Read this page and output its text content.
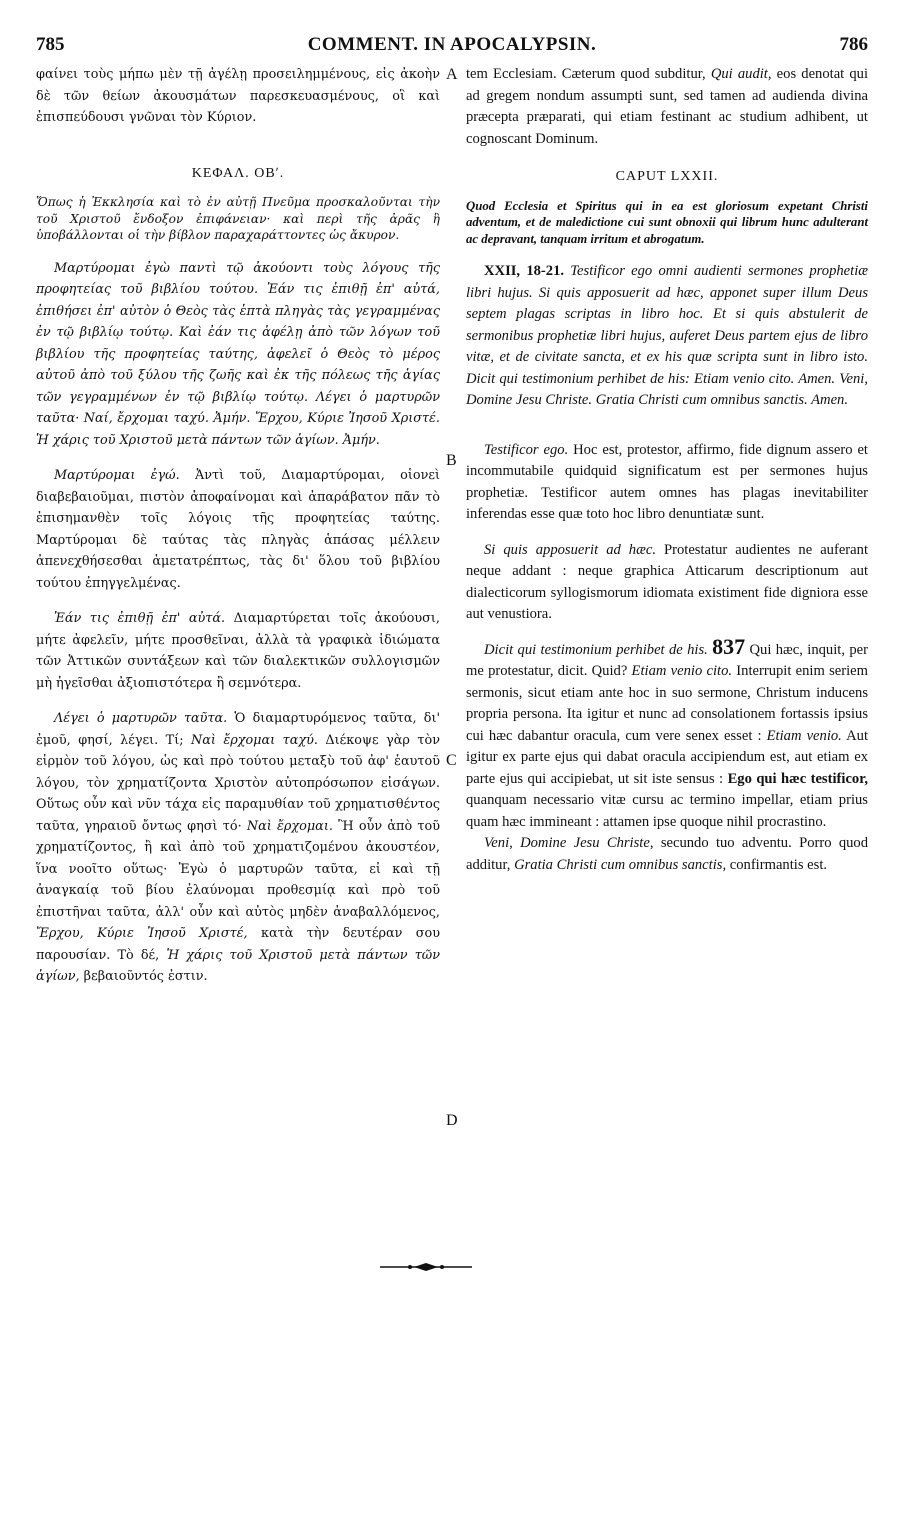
785	COMMENT. IN APOCALYPSIN.	786

φαίνει τοὺς μήπω μὲν τῇ ἀγέλῃ προσειλημμένους, εἰς ἀκοὴν δὲ τῶν θείων ἀκουσμάτων παρεσκευασμένους, οἳ καὶ ἐπισπεύδουσι γνῶναι τὸν Κύριον.

ΚΕΦΑΛ. ΟΒʹ.

Ὅπως ἡ Ἐκκλησία καὶ τὸ ἐν αὐτῇ Πνεῦμα προσκαλοῦνται τὴν τοῦ Χριστοῦ ἔνδοξον ἐπιφάνειαν· καὶ περὶ τῆς ἀρᾶς ἣ ὑποβάλλονται οἱ τὴν βίβλον παραχαράττοντες ὡς ἄκυρον.

Μαρτύρομαι ἐγὼ παντὶ τῷ ἀκούοντι τοὺς λόγους τῆς προφητείας τοῦ βιβλίου τούτου. Ἐάν τις ἐπιθῇ ἐπ' αὐτά, ἐπιθήσει ἐπ' αὐτὸν ὁ Θεὸς τὰς ἑπτὰ πληγὰς τὰς γεγραμμένας ἐν τῷ βιβλίῳ τούτῳ. Καὶ ἐάν τις ἀφέλῃ ἀπὸ τῶν λόγων τοῦ βιβλίου τῆς προφητείας ταύτης, ἀφελεῖ ὁ Θεὸς τὸ μέρος αὐτοῦ ἀπὸ τοῦ ξύλου τῆς ζωῆς καὶ ἐκ τῆς πόλεως τῆς ἁγίας τῶν γεγραμμένων ἐν τῷ βιβλίῳ τούτῳ. Λέγει ὁ μαρτυρῶν ταῦτα· Ναί, ἔρχομαι ταχύ. Ἀμήν. Ἔρχου, Κύριε Ἰησοῦ Χριστέ. Ἡ χάρις τοῦ Χριστοῦ μετὰ πάντων τῶν ἁγίων. Ἀμήν.

Μαρτύρομαι ἐγώ. Ἀντὶ τοῦ, Διαμαρτύρομαι, οἱονεὶ διαβεβαιοῦμαι, πιστὸν ἀποφαίνομαι καὶ ἀπαράβατον πᾶν τὸ ἐπισημανθὲν τοῖς λόγοις τῆς προφητείας ταύτης. Μαρτύρομαι δὲ ταύτας τὰς πληγὰς ἁπάσας μέλλειν ἀπενεχθήσεσθαι ἀμετατρέπτως, τὰς δι' ὅλου τοῦ βιβλίου τούτου ἐπηγγελμένας.

Ἐάν τις ἐπιθῇ ἐπ' αὐτά. Διαμαρτύρεται τοῖς ἀκούουσι, μήτε ἀφελεῖν, μήτε προσθεῖναι, ἀλλὰ τὰ γραφικὰ ἰδιώματα τῶν Ἀττικῶν συντάξεων καὶ τῶν διαλεκτικῶν συλλογισμῶν μὴ ἡγεῖσθαι ἀξιοπιστότερα ἢ σεμνότερα.

Λέγει ὁ μαρτυρῶν ταῦτα. Ὁ διαμαρτυρόμενος ταῦτα, δι' ἐμοῦ, φησί, λέγει. Τί; Ναὶ ἔρχομαι ταχύ. Διέκοψε γὰρ τὸν εἱρμὸν τοῦ λόγου, ὡς καὶ πρὸ τούτου μεταξὺ τοῦ ἀφ' ἑαυτοῦ λόγου, τὸν χρηματίζοντα Χριστὸν αὐτοπρόσωπον εἰσάγων. Οὕτως οὖν καὶ νῦν τάχα εἰς παραμυθίαν τοῦ χρηματισθέντος ταῦτα, γηραιοῦ ὄντως φησὶ τό· Ναὶ ἔρχομαι. Ἢ οὖν ἀπὸ τοῦ χρηματίζοντος, ἢ καὶ ἀπὸ τοῦ χρηματιζομένου ἀκουστέον, ἵνα νοοῖτο οὕτως· Ἐγὼ ὁ μαρτυρῶν ταῦτα, εἰ καὶ τῇ ἀναγκαίᾳ τοῦ βίου ἐλαύνομαι προθεσμίᾳ καὶ πρὸ τοῦ ἐπιστῆναι ταῦτα, ἀλλ' οὖν καὶ αὐτὸς μηδὲν ἀναβαλλόμενος, Ἔρχου, Κύριε Ἰησοῦ Χριστέ, κατὰ τὴν δευτέραν σου παρουσίαν. Τὸ δέ, Ἡ χάρις τοῦ Χριστοῦ μετὰ πάντων τῶν ἁγίων, βεβαιοῦντός ἐστιν.

A
B
C
D

tem Ecclesiam. Cæterum quod subditur, Qui audit, eos denotat qui ad gregem nondum assumpti sunt, sed tamen ad audienda divina præcepta præparati, qui etiam festinant ac studium adhibent, ut cognoscant Dominum.

CAPUT LXXII.

Quod Ecclesia et Spiritus qui in ea est gloriosum expetant Christi adventum, et de maledictione cui sunt obnoxii qui librum hunc adulterant ac depravant, tanquam irritum et abrogatum.

XXII, 18-21. Testificor ego omni audienti sermones prophetiæ libri hujus. Si quis apposuerit ad hæc, apponet super illum Deus septem plagas scriptas in libro hoc. Et si quis abstulerit de sermonibus prophetiæ libri hujus, auferet Deus partem ejus de libro vitæ, et de civitate sancta, et ex his quæ scripta sunt in libro isto. Dicit qui testimonium perhibet de his: Etiam venio cito. Amen. Veni, Domine Jesu Christe. Gratia Christi cum omnibus sanctis. Amen.

Testificor ego. Hoc est, protestor, affirmo, fide dignum assero et incommutabile quidquid significatum est per sermones hujus prophetiæ. Testificor autem omnes has plagas inevitabiliter inferendas esse quæ toto hoc libro denuntiatæ sunt.

Si quis apposuerit ad hæc. Protestatur audientes ne auferant neque addant : neque graphica Atticarum descriptionum aut dialecticorum syllogismorum idiomata existiment fide digniora esse aut venustiora.

Dicit qui testimonium perhibet de his. 837 Qui hæc, inquit, per me protestatur, dicit. Quid? Etiam venio cito. Interrupit enim seriem sermonis, sicut etiam ante hoc in suo sermone, Christum inducens propria persona. Ita igitur et nunc ad consolationem fortassis ipsius cui hæc dabantur oracula, cum vere senex esset : Etiam venio. Aut igitur ex parte ejus qui dabat oracula accipiendum est, aut etiam ex parte ejus qui accipiebat, ut sit iste sensus : Ego qui hæc testificor, quanquam necessario vitæ cursu ac termino impellar, etiam prius quam hæc immineant : attamen ipse quoque nihil procrastino.

Veni, Domine Jesu Christe, secundo tuo adventu. Porro quod additur, Gratia Christi cum omnibus sanctis, confirmantis est.
